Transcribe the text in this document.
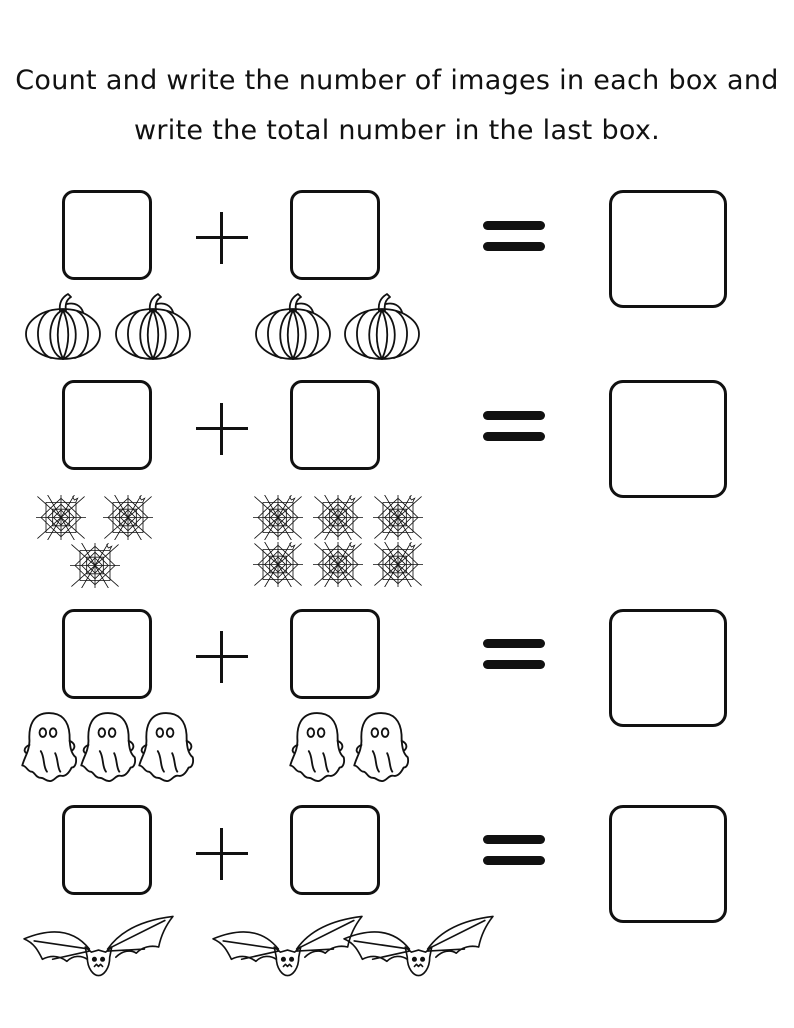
Count and write the number of images in each box and
write the total number in the last box.
